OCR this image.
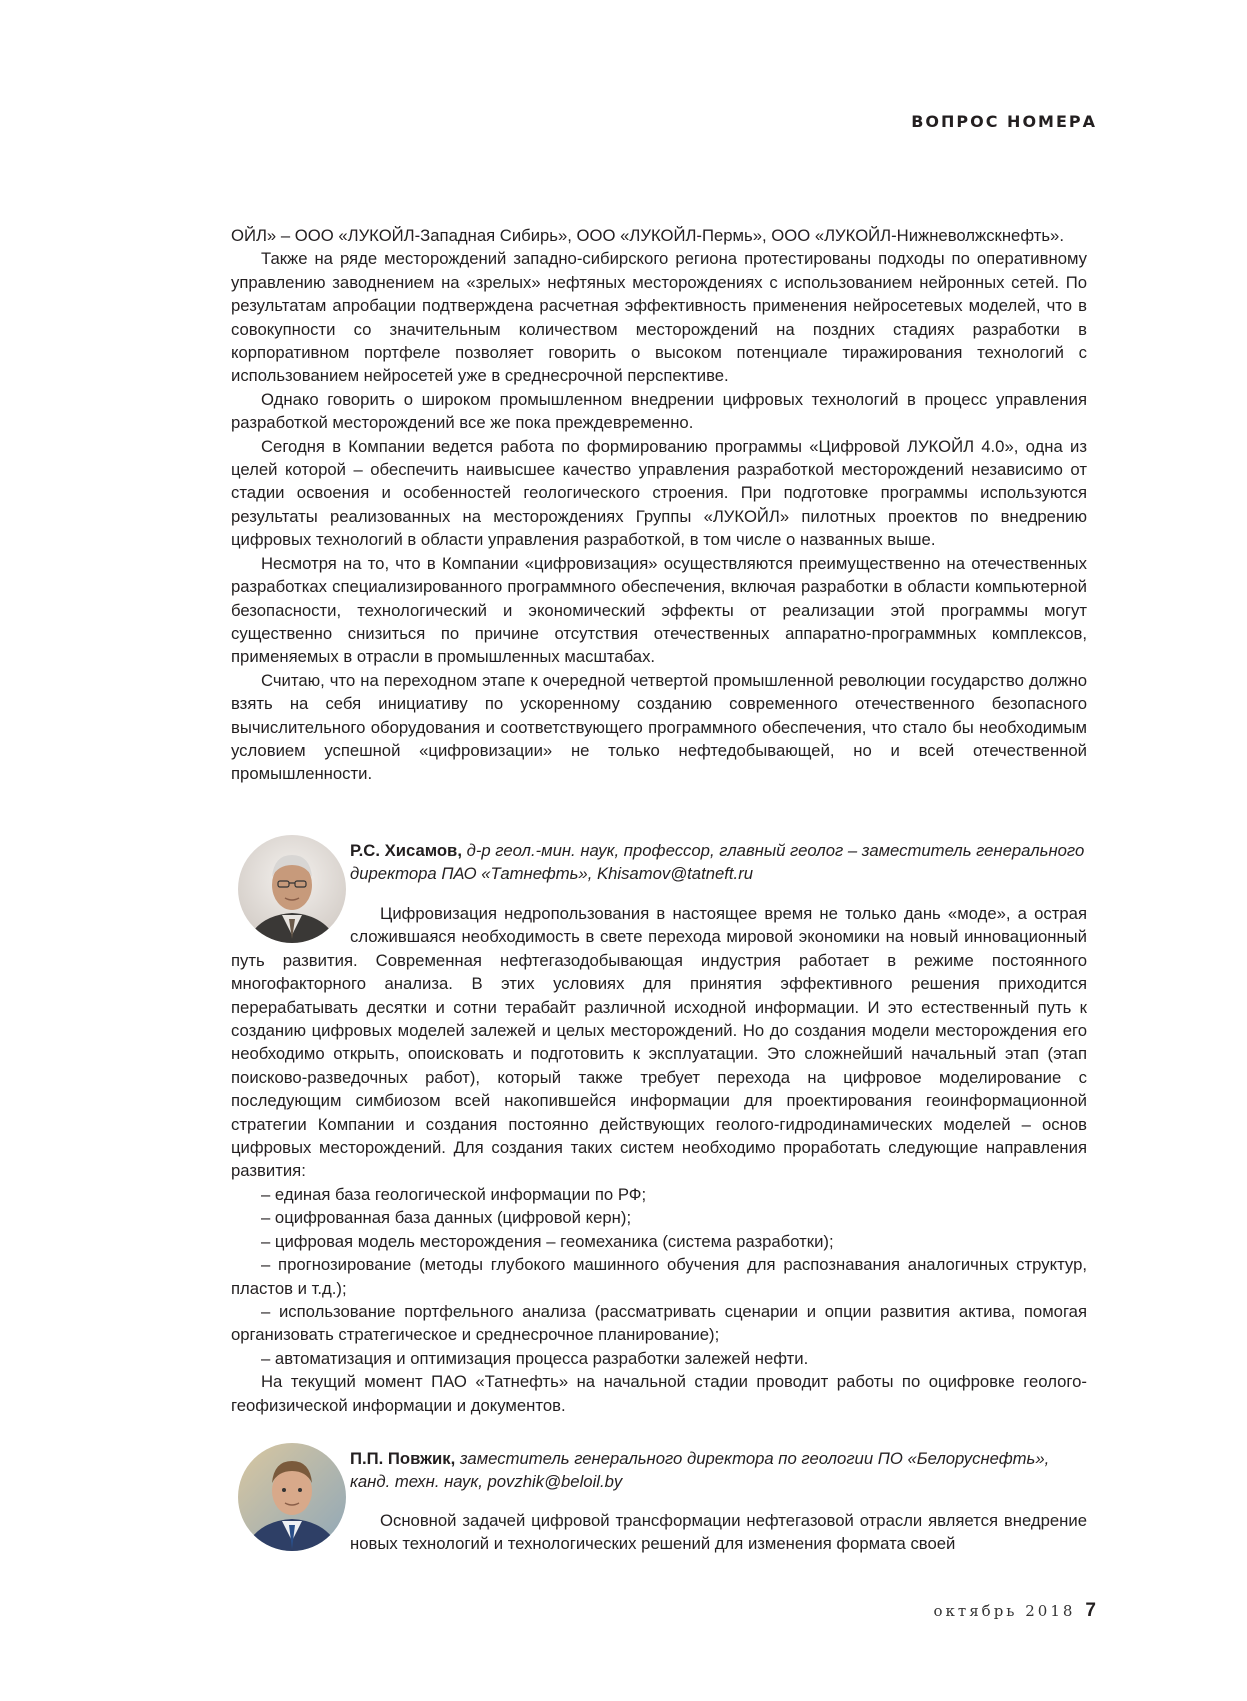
ВОПРОС НОМЕРА

ОЙЛ» – ООО «ЛУКОЙЛ-Западная Сибирь», ООО «ЛУКОЙЛ-Пермь», ООО «ЛУКОЙЛ-Нижневолжскнефть».

Также на ряде месторождений западно-сибирского региона протестированы подходы по оперативному управлению заводнением на «зрелых» нефтяных месторождениях с использованием нейронных сетей. По результатам апробации подтверждена расчетная эффективность применения нейросетевых моделей, что в совокупности со значительным количеством месторождений на поздних стадиях разработки в корпоративном портфеле позволяет говорить о высоком потенциале тиражирования технологий с использованием нейросетей уже в среднесрочной перспективе.

Однако говорить о широком промышленном внедрении цифровых технологий в процесс управления разработкой месторождений все же пока преждевременно.

Сегодня в Компании ведется работа по формированию программы «Цифровой ЛУКОЙЛ 4.0», одна из целей которой – обеспечить наивысшее качество управления разработкой месторождений независимо от стадии освоения и особенностей геологического строения. При подготовке программы используются результаты реализованных на месторождениях Группы «ЛУКОЙЛ» пилотных проектов по внедрению цифровых технологий в области управления разработкой, в том числе о названных выше.

Несмотря на то, что в Компании «цифровизация» осуществляются преимущественно на отечественных разработках специализированного программного обеспечения, включая разработки в области компьютерной безопасности, технологический и экономический эффекты от реализации этой программы могут существенно снизиться по причине отсутствия отечественных аппаратно-программных комплексов, применяемых в отрасли в промышленных масштабах.

Считаю, что на переходном этапе к очередной четвертой промышленной революции государство должно взять на себя инициативу по ускоренному созданию современного отечественного безопасного вычислительного оборудования и соответствующего программного обеспечения, что стало бы необходимым условием успешной «цифровизации» не только нефтедобывающей, но и всей отечественной промышленности.

Р.С. Хисамов, д-р геол.-мин. наук, профессор, главный геолог – заместитель генерального директора ПАО «Татнефть», Khisamov@tatneft.ru

Цифровизация недропользования в настоящее время не только дань «моде», а острая сложившаяся необходимость в свете перехода мировой экономики на новый инновационный путь развития. Современная нефтегазодобывающая индустрия работает в режиме постоянного многофакторного анализа. В этих условиях для принятия эффективного решения приходится перерабатывать десятки и сотни терабайт различной исходной информации. И это естественный путь к созданию цифровых моделей залежей и целых месторождений. Но до создания модели месторождения его необходимо открыть, опоисковать и подготовить к эксплуатации. Это сложнейший начальный этап (этап поисково-разведочных работ), который также требует перехода на цифровое моделирование с последующим симбиозом всей накопившейся информации для проектирования геоинформационной стратегии Компании и создания постоянно действующих геолого-гидродинамических моделей – основ цифровых месторождений. Для создания таких систем необходимо проработать следующие направления развития:

– единая база геологической информации по РФ;

– оцифрованная база данных (цифровой керн);

– цифровая модель месторождения – геомеханика (система разработки);

– прогнозирование (методы глубокого машинного обучения для распознавания аналогичных структур, пластов и т.д.);

– использование портфельного анализа (рассматривать сценарии и опции развития актива, помогая организовать стратегическое и среднесрочное планирование);

– автоматизация и оптимизация процесса разработки залежей нефти.

На текущий момент ПАО «Татнефть» на начальной стадии проводит работы по оцифровке геолого-геофизической информации и документов.

П.П. Повжик, заместитель генерального директора по геологии ПО «Белоруснефть», канд. техн. наук, povzhik@beloil.by

Основной задачей цифровой трансформации нефтегазовой отрасли является внедрение новых технологий и технологических решений для изменения формата своей

октябрь 2018 7
